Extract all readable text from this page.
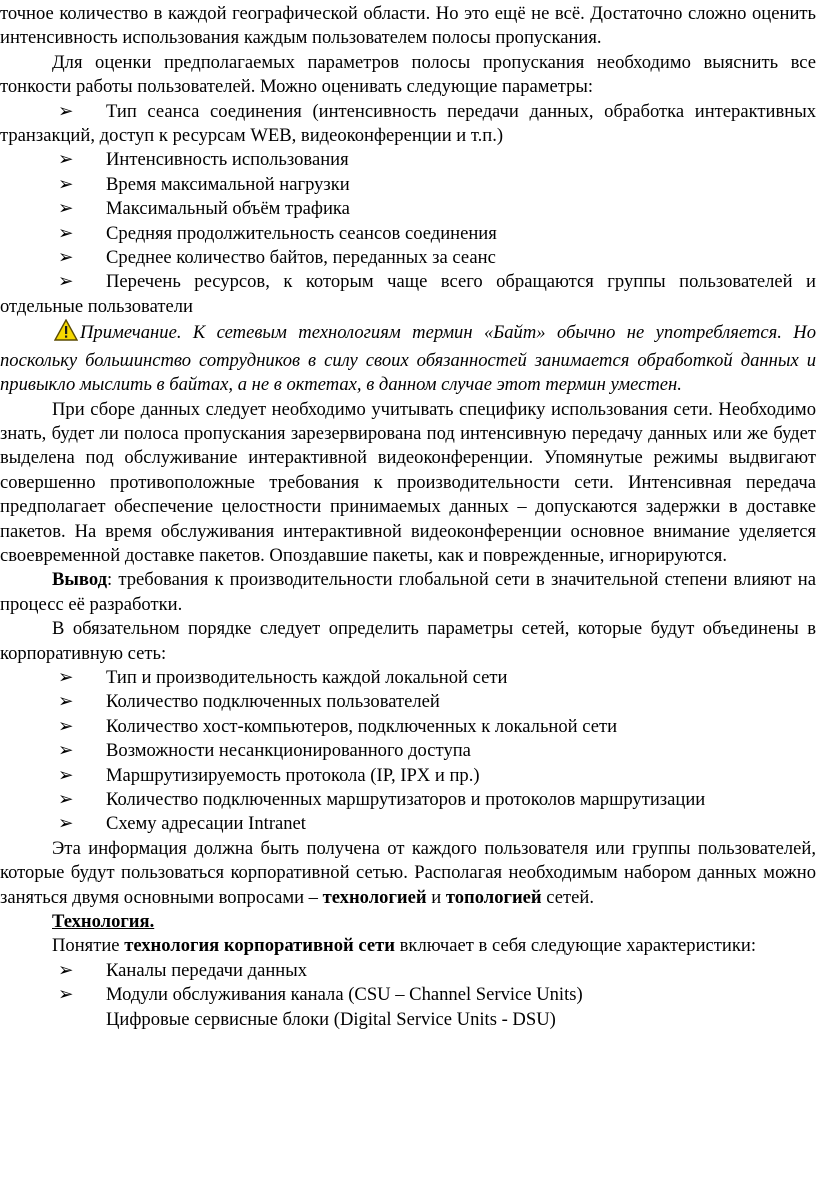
точное количество в каждой географической области. Но это ещё не всё. Достаточно сложно оценить интенсивность использования каждым пользователем полосы пропускания.

Для оценки предполагаемых параметров полосы пропускания необходимо выяснить все тонкости работы пользователей. Можно оценивать следующие параметры:

➢ Тип сеанса соединения (интенсивность передачи данных, обработка интерактивных транзакций, доступ к ресурсам WEB, видеоконференции и т.п.)

➢ Интенсивность использования

➢ Время максимальной нагрузки

➢ Максимальный объём трафика

➢ Средняя продолжительность сеансов соединения

➢ Среднее количество байтов, переданных за сеанс

➢ Перечень ресурсов, к которым чаще всего обращаются группы пользователей и отдельные пользователи

Примечание. К сетевым технологиям термин «Байт» обычно не употребляется. Но поскольку большинство сотрудников в силу своих обязанностей занимается обработкой данных и привыкло мыслить в байтах, а не в октетах, в данном случае этот термин уместен.

При сборе данных следует необходимо учитывать специфику использования сети. Необходимо знать, будет ли полоса пропускания зарезервирована под интенсивную передачу данных или же будет выделена под обслуживание интерактивной видеоконференции. Упомянутые режимы выдвигают совершенно противоположные требования к производительности сети. Интенсивная передача предполагает обеспечение целостности принимаемых данных – допускаются задержки в доставке пакетов. На время обслуживания интерактивной видеоконференции основное внимание уделяется своевременной доставке пакетов. Опоздавшие пакеты, как и поврежденные, игнорируются.

Вывод: требования к производительности глобальной сети в значительной степени влияют на процесс её разработки.

В обязательном порядке следует определить параметры сетей, которые будут объединены в корпоративную сеть:

➢ Тип и производительность каждой локальной сети

➢ Количество подключенных пользователей

➢ Количество хост-компьютеров, подключенных к локальной сети

➢ Возможности несанкционированного доступа

➢ Маршрутизируемость протокола (IP, IPX и пр.)

➢ Количество подключенных маршрутизаторов и протоколов маршрутизации

➢ Схему адресации Intranet

Эта информация должна быть получена от каждого пользователя или группы пользователей, которые будут пользоваться корпоративной сетью. Располагая необходимым набором данных можно заняться двумя основными вопросами – технологией и топологией сетей.

Технология.

Понятие технология корпоративной сети включает в себя следующие характеристики:

➢ Каналы передачи данных

➢ Модули обслуживания канала (CSU – Channel Service Units)

Цифровые сервисные блоки (Digital Service Units - DSU)
